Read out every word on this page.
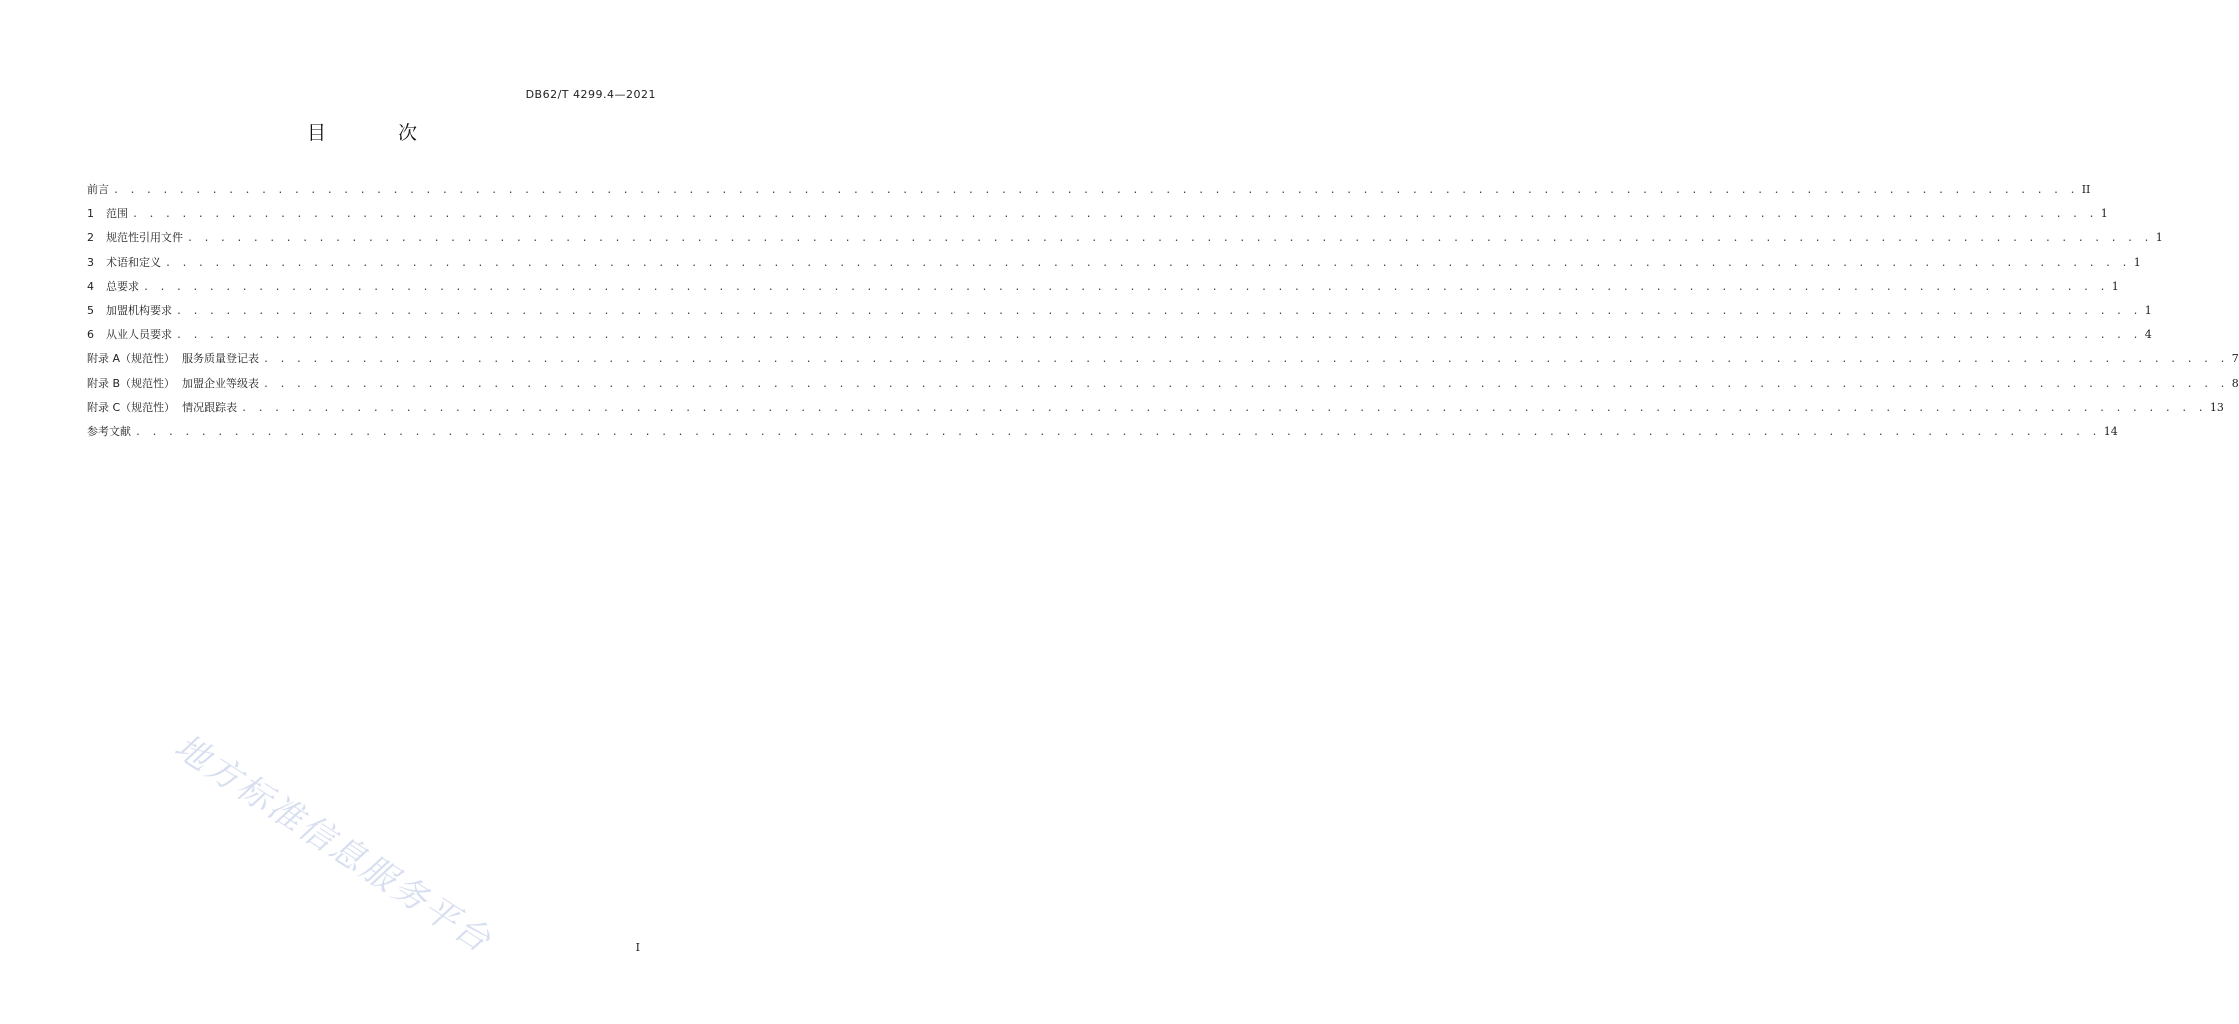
DB62/T 4299.4—2021
目  次
前言 . . . . . . . . . . . . . . . . . . . . . . . . . . . . . . . . . . . . . . . . . . . . . . . . . . . . . . . . . . . . . . . . . . . . . . . . . . . . . . . . . . . . . . . . . . . . . . . . . . . . . . . . . . . . . . . . . . . . . . . . II
1	范围 . . . . . . . . . . . . . . . . . . . . . . . . . . . . . . . . . . . . . . . . . . . . . . . . . . . . . . . . . . . . . . . . . . . . . . . . . . . . . . . . . . . . . . . . . . . . . . . . . . . . . . . . . . . . . . . . . . . . . . . . 1
2	规范性引用文件 . . . . . . . . . . . . . . . . . . . . . . . . . . . . . . . . . . . . . . . . . . . . . . . . . . . . . . . . . . . . . . . . . . . . . . . . . . . . . . . . . . . . . . . . . . . . . . . . . . . . . . . . . . . . . . . . . . . . . . . . 1
3	术语和定义 . . . . . . . . . . . . . . . . . . . . . . . . . . . . . . . . . . . . . . . . . . . . . . . . . . . . . . . . . . . . . . . . . . . . . . . . . . . . . . . . . . . . . . . . . . . . . . . . . . . . . . . . . . . . . . . . . . . . . . . . 1
4	总要求 . . . . . . . . . . . . . . . . . . . . . . . . . . . . . . . . . . . . . . . . . . . . . . . . . . . . . . . . . . . . . . . . . . . . . . . . . . . . . . . . . . . . . . . . . . . . . . . . . . . . . . . . . . . . . . . . . . . . . . . . 1
5	加盟机构要求 . . . . . . . . . . . . . . . . . . . . . . . . . . . . . . . . . . . . . . . . . . . . . . . . . . . . . . . . . . . . . . . . . . . . . . . . . . . . . . . . . . . . . . . . . . . . . . . . . . . . . . . . . . . . . . . . . . . . . . . . 1
6	从业人员要求 . . . . . . . . . . . . . . . . . . . . . . . . . . . . . . . . . . . . . . . . . . . . . . . . . . . . . . . . . . . . . . . . . . . . . . . . . . . . . . . . . . . . . . . . . . . . . . . . . . . . . . . . . . . . . . . . . . . . . . . . 4
附录 A（规范性）  服务质量登记表 . . . . . . . . . . . . . . . . . . . . . . . . . . . . . . . . . . . . . . . . . . . . . . . . . . . . . . . . . . . . . . . . . . . . . . . . . . . . . . . . . . . . . . . . . . . . . . . . . . . . . . . . . . . . . . . . . . . . . . . . 7
附录 B（规范性）  加盟企业等级表 . . . . . . . . . . . . . . . . . . . . . . . . . . . . . . . . . . . . . . . . . . . . . . . . . . . . . . . . . . . . . . . . . . . . . . . . . . . . . . . . . . . . . . . . . . . . . . . . . . . . . . . . . . . . . . . . . . . . . . . . 8
附录 C（规范性）  情况跟踪表 . . . . . . . . . . . . . . . . . . . . . . . . . . . . . . . . . . . . . . . . . . . . . . . . . . . . . . . . . . . . . . . . . . . . . . . . . . . . . . . . . . . . . . . . . . . . . . . . . . . . . . . . . . . . . . . . . . . . . . . . 13
参考文献 . . . . . . . . . . . . . . . . . . . . . . . . . . . . . . . . . . . . . . . . . . . . . . . . . . . . . . . . . . . . . . . . . . . . . . . . . . . . . . . . . . . . . . . . . . . . . . . . . . . . . . . . . . . . . . . . . . . . . . . . 14
地方标准信息服务平台	I
